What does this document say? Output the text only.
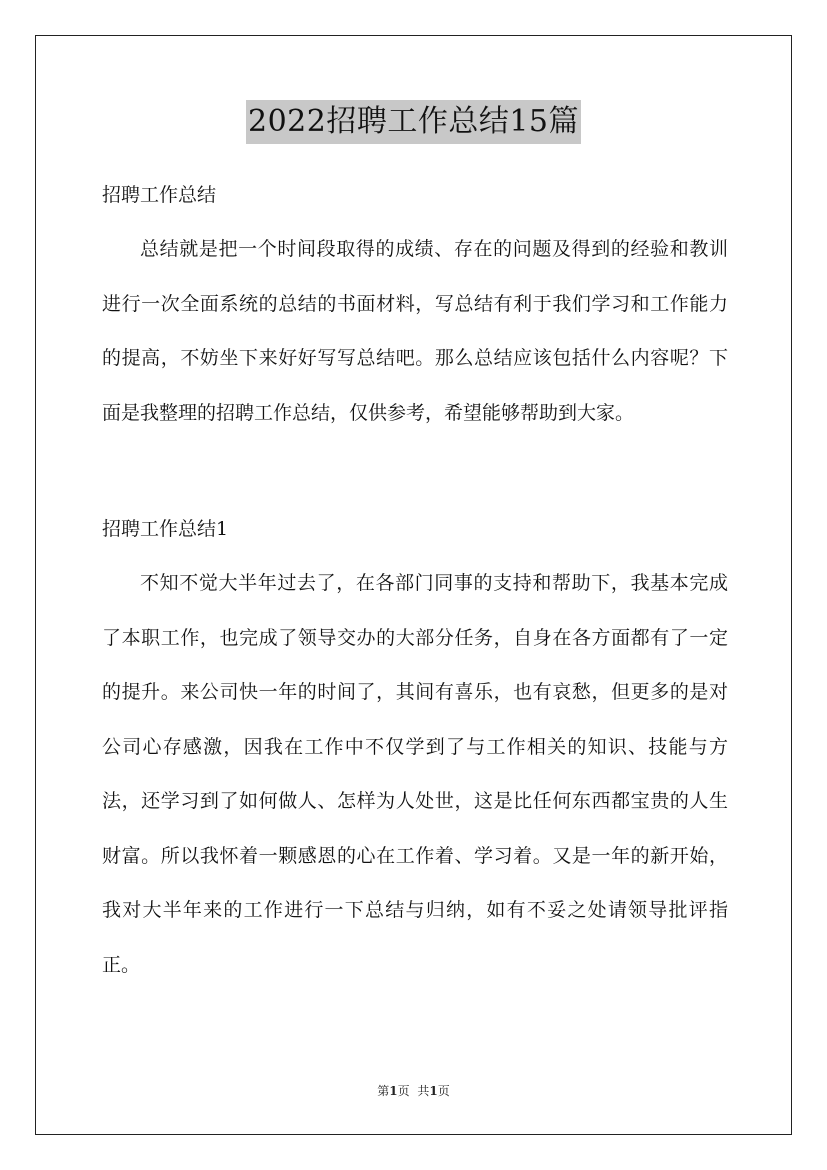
2022招聘工作总结15篇

招聘工作总结

总结就是把一个时间段取得的成绩、存在的问题及得到的经验和教训进行一次全面系统的总结的书面材料，写总结有利于我们学习和工作能力的提高，不妨坐下来好好写写总结吧。那么总结应该包括什么内容呢？下面是我整理的招聘工作总结，仅供参考，希望能够帮助到大家。

招聘工作总结1

不知不觉大半年过去了，在各部门同事的支持和帮助下，我基本完成了本职工作，也完成了领导交办的大部分任务，自身在各方面都有了一定的提升。来公司快一年的时间了，其间有喜乐，也有哀愁，但更多的是对公司心存感激，因我在工作中不仅学到了与工作相关的知识、技能与方法，还学习到了如何做人、怎样为人处世，这是比任何东西都宝贵的人生财富。所以我怀着一颗感恩的心在工作着、学习着。又是一年的新开始，我对大半年来的工作进行一下总结与归纳，如有不妥之处请领导批评指正。

第1页 共1页
